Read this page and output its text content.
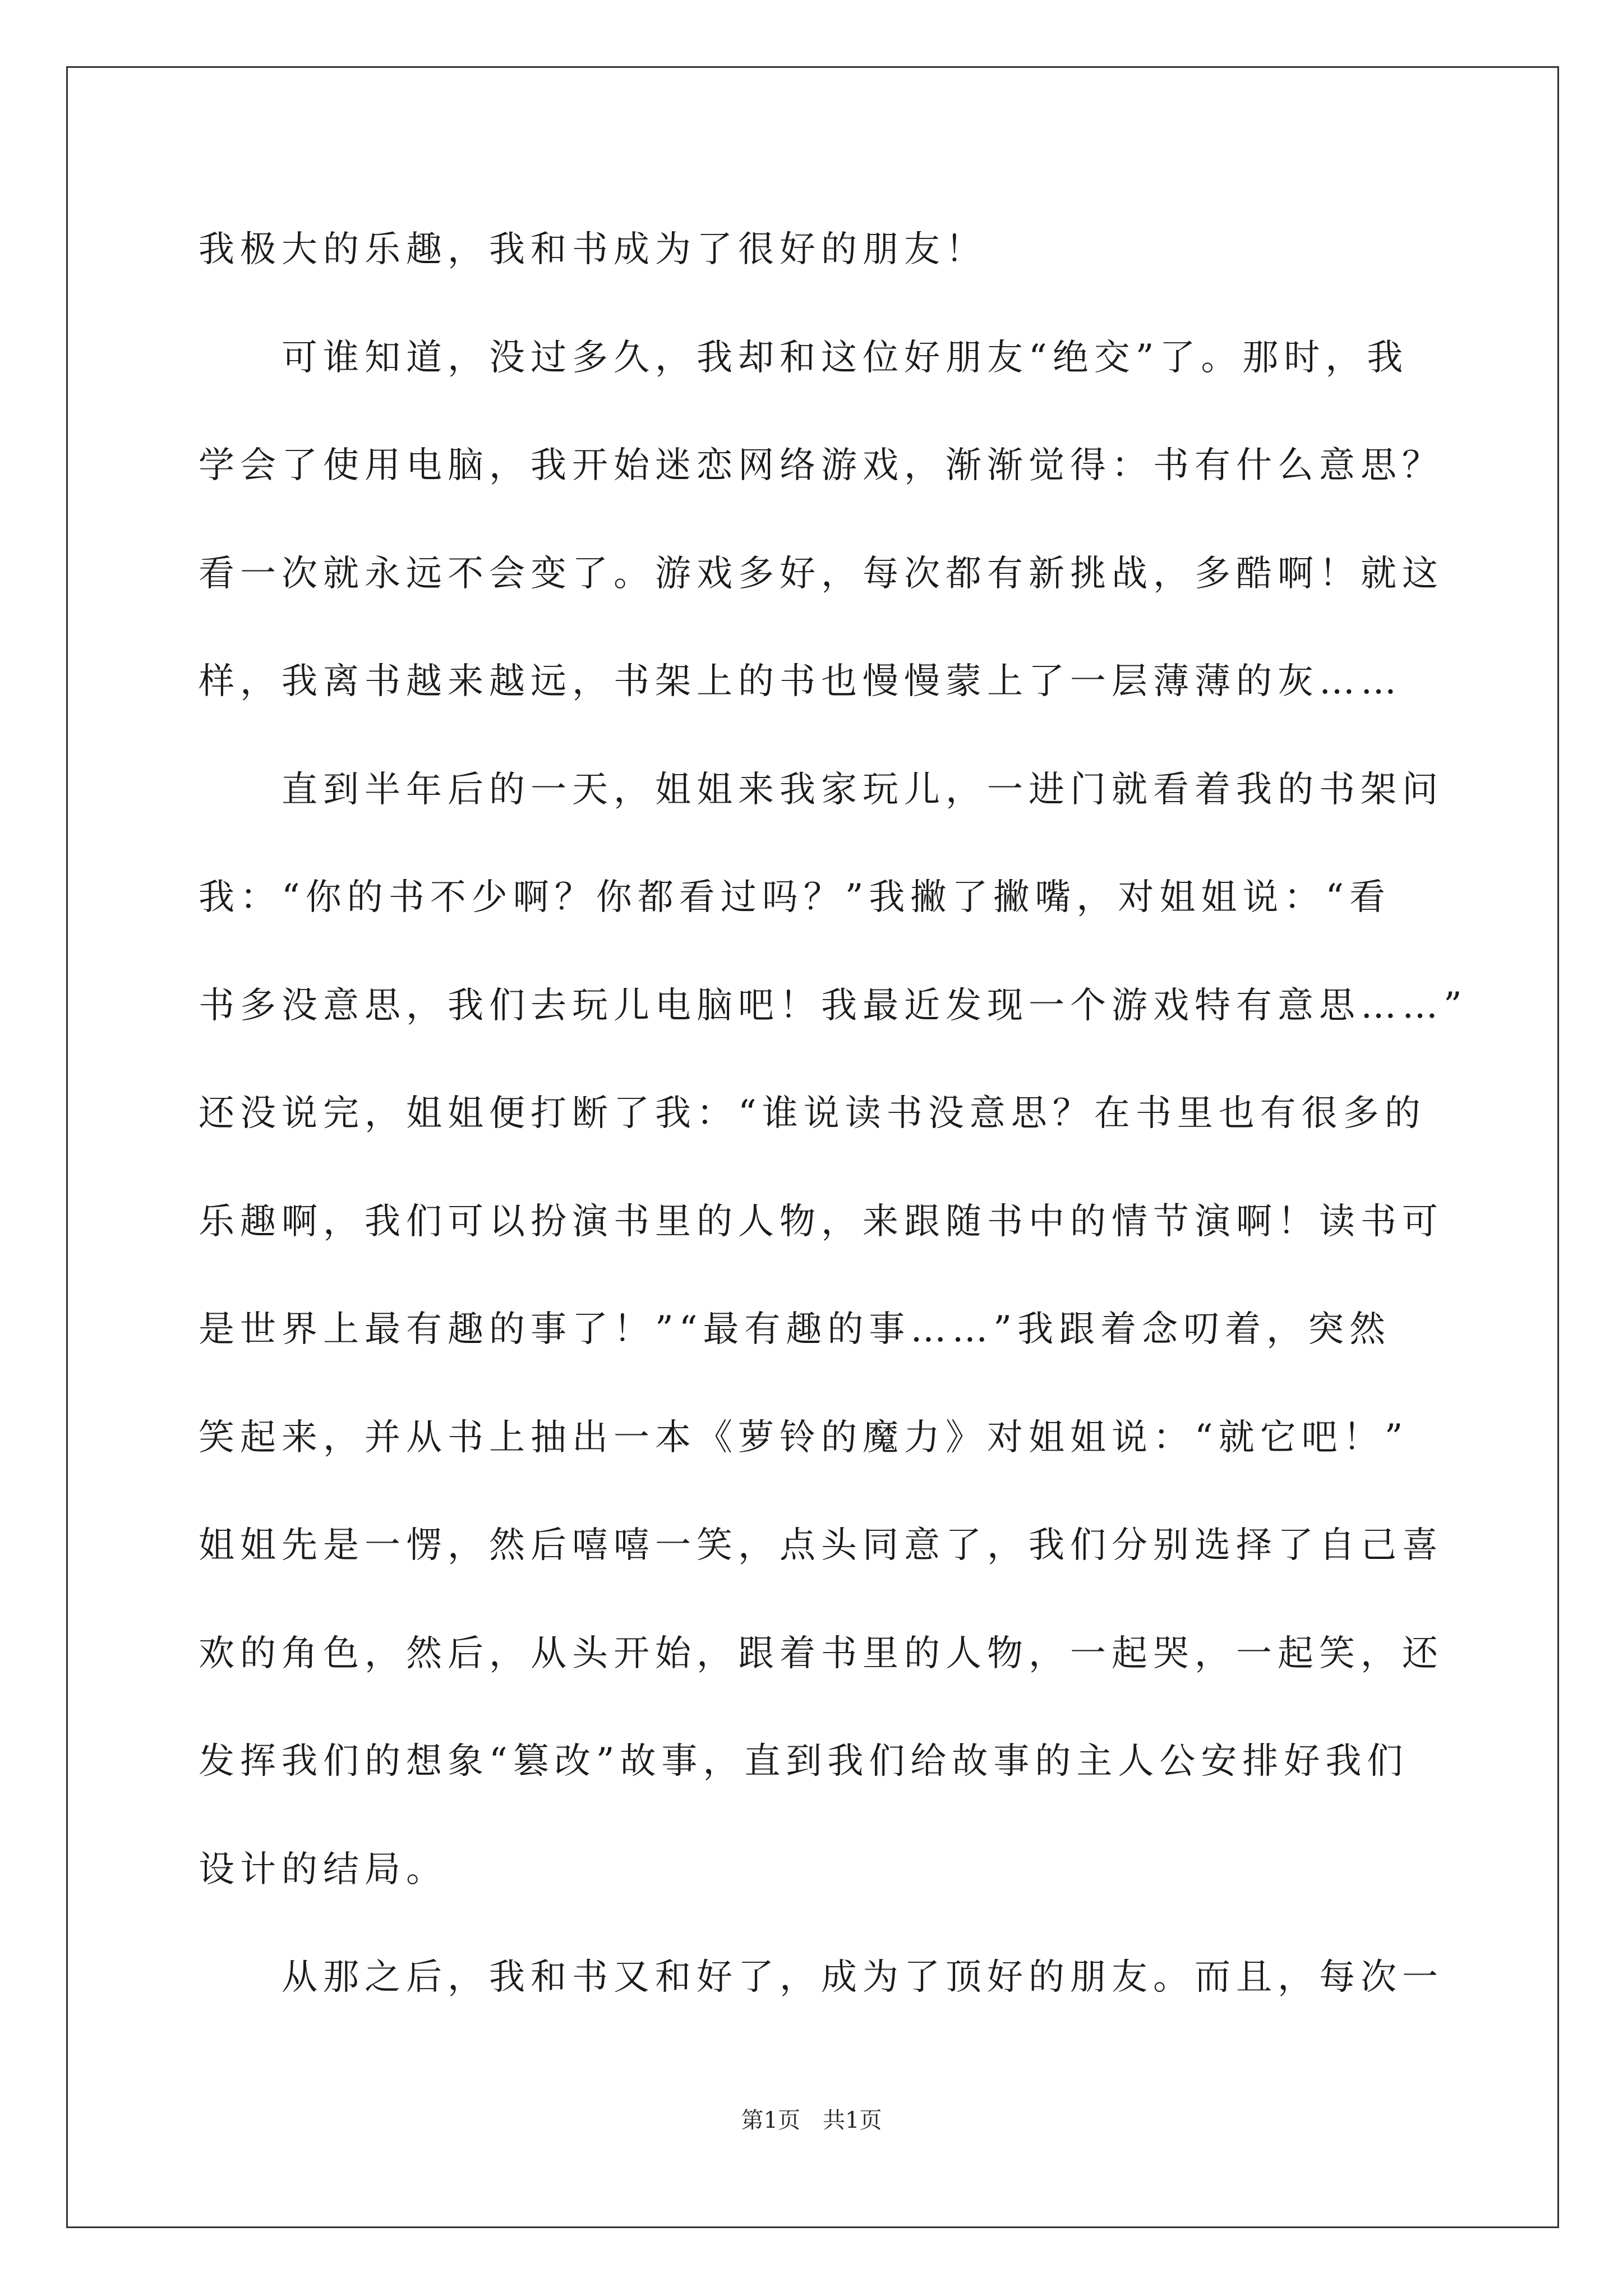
我极大的乐趣，我和书成为了很好的朋友！
可谁知道，没过多久，我却和这位好朋友“绝交”了。那时，我
学会了使用电脑，我开始迷恋网络游戏，渐渐觉得：书有什么意思？
看一次就永远不会变了。游戏多好，每次都有新挑战，多酷啊！就这
样，我离书越来越远，书架上的书也慢慢蒙上了一层薄薄的灰……
直到半年后的一天，姐姐来我家玩儿，一进门就看着我的书架问
我：“你的书不少啊？你都看过吗？”我撇了撇嘴，对姐姐说：“看
书多没意思，我们去玩儿电脑吧！我最近发现一个游戏特有意思……”
还没说完，姐姐便打断了我：“谁说读书没意思？在书里也有很多的
乐趣啊，我们可以扮演书里的人物，来跟随书中的情节演啊！读书可
是世界上最有趣的事了！”“最有趣的事……”我跟着念叨着，突然
笑起来，并从书上抽出一本《萝铃的魔力》对姐姐说：“就它吧！”
姐姐先是一愣，然后嘻嘻一笑，点头同意了，我们分别选择了自己喜
欢的角色，然后，从头开始，跟着书里的人物，一起哭，一起笑，还
发挥我们的想象“篡改”故事，直到我们给故事的主人公安排好我们
设计的结局。
从那之后，我和书又和好了，成为了顶好的朋友。而且，每次一
第1页　共1页
